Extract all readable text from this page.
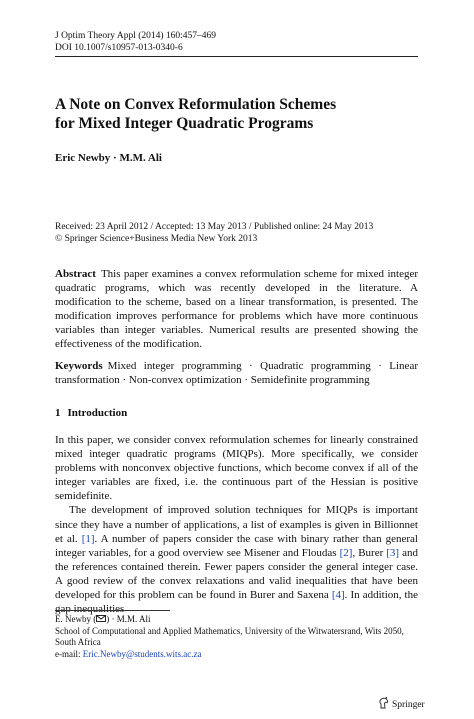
J Optim Theory Appl (2014) 160:457–469
DOI 10.1007/s10957-013-0340-6
A Note on Convex Reformulation Schemes
for Mixed Integer Quadratic Programs
Eric Newby · M.M. Ali
Received: 23 April 2012 / Accepted: 13 May 2013 / Published online: 24 May 2013
© Springer Science+Business Media New York 2013
Abstract This paper examines a convex reformulation scheme for mixed integer quadratic programs, which was recently developed in the literature. A modification to the scheme, based on a linear transformation, is presented. The modification improves performance for problems which have more continuous variables than integer variables. Numerical results are presented showing the effectiveness of the modification.
Keywords Mixed integer programming · Quadratic programming · Linear transformation · Non-convex optimization · Semidefinite programming
1 Introduction

In this paper, we consider convex reformulation schemes for linearly constrained mixed integer quadratic programs (MIQPs). More specifically, we consider problems with nonconvex objective functions, which become convex if all of the integer variables are fixed, i.e. the continuous part of the Hessian is positive semidefinite.

The development of improved solution techniques for MIQPs is important since they have a number of applications, a list of examples is given in Billionnet et al. [1]. A number of papers consider the case with binary rather than general integer variables, for a good overview see Misener and Floudas [2], Burer [3] and the references contained therein. Fewer papers consider the general integer case. A good review of the convex relaxations and valid inequalities that have been developed for this problem can be found in Burer and Saxena [4]. In addition, the gap inequalities

E. Newby ( ) · M.M. Ali
School of Computational and Applied Mathematics, University of the Witwatersrand, Wits 2050,
South Africa
e-mail: Eric.Newby@students.wits.ac.za
Springer
